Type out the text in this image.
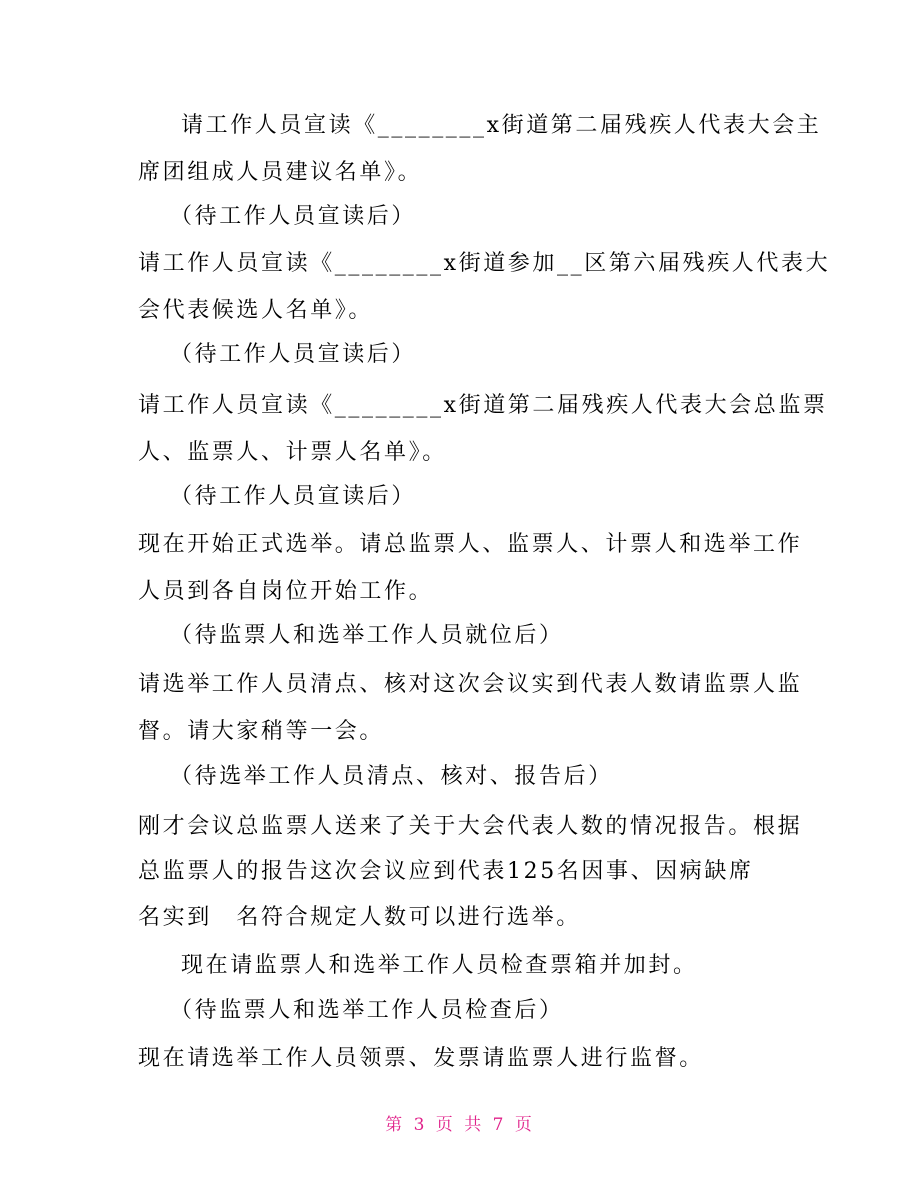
请工作人员宣读《________x街道第二届残疾人代表大会主
席团组成人员建议名单》。
（待工作人员宣读后）
请工作人员宣读《________x街道参加__区第六届残疾人代表大
会代表候选人名单》。
（待工作人员宣读后）
请工作人员宣读《________x街道第二届残疾人代表大会总监票
人、监票人、计票人名单》。
（待工作人员宣读后）
现在开始正式选举。请总监票人、监票人、计票人和选举工作
人员到各自岗位开始工作。
（待监票人和选举工作人员就位后）
请选举工作人员清点、核对这次会议实到代表人数请监票人监
督。请大家稍等一会。
（待选举工作人员清点、核对、报告后）
刚才会议总监票人送来了关于大会代表人数的情况报告。根据
总监票人的报告这次会议应到代表125名因事、因病缺席
名实到　名符合规定人数可以进行选举。
现在请监票人和选举工作人员检查票箱并加封。
（待监票人和选举工作人员检查后）
现在请选举工作人员领票、发票请监票人进行监督。
第 3 页 共 7 页
